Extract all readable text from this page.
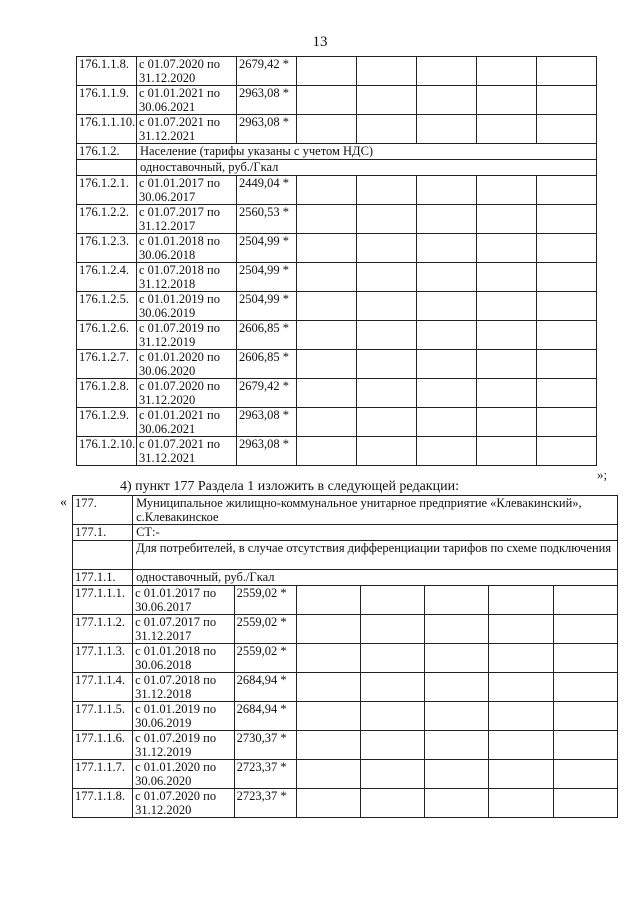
13
176.1.1.8.	с 01.07.2020 по 31.12.2020	2679,42 *					
176.1.1.9.	с 01.01.2021 по 30.06.2021	2963,08 *					
176.1.1.10.	с 01.07.2021 по 31.12.2021	2963,08 *					
176.1.2.	Население (тарифы указаны с учетом НДС)						
	одноставочный, руб./Гкал						
176.1.2.1.	с 01.01.2017 по 30.06.2017	2449,04 *					
176.1.2.2.	с 01.07.2017 по 31.12.2017	2560,53 *					
176.1.2.3.	с 01.01.2018 по 30.06.2018	2504,99 *					
176.1.2.4.	с 01.07.2018 по 31.12.2018	2504,99 *					
176.1.2.5.	с 01.01.2019 по 30.06.2019	2504,99 *					
176.1.2.6.	с 01.07.2019 по 31.12.2019	2606,85 *					
176.1.2.7.	с 01.01.2020 по 30.06.2020	2606,85 *					
176.1.2.8.	с 01.07.2020 по 31.12.2020	2679,42 *					
176.1.2.9.	с 01.01.2021 по 30.06.2021	2963,08 *					
176.1.2.10.	с 01.07.2021 по 31.12.2021	2963,08 *					
»;
4) пункт 177 Раздела 1 изложить в следующей редакции:
« 177.	Муниципальное жилищно-коммунальное унитарное предприятие «Клевакинский», с.Клевакинское						
177.1.	СТ:-						
	Для потребителей, в случае отсутствия дифференциации тарифов по схеме подключения						
177.1.1.	одноставочный, руб./Гкал						
177.1.1.1.	с 01.01.2017 по 30.06.2017	2559,02 *					
177.1.1.2.	с 01.07.2017 по 31.12.2017	2559,02 *					
177.1.1.3.	с 01.01.2018 по 30.06.2018	2559,02 *					
177.1.1.4.	с 01.07.2018 по 31.12.2018	2684,94 *					
177.1.1.5.	с 01.01.2019 по 30.06.2019	2684,94 *					
177.1.1.6.	с 01.07.2019 по 31.12.2019	2730,37 *					
177.1.1.7.	с 01.01.2020 по 30.06.2020	2723,37 *					
177.1.1.8.	с 01.07.2020 по 31.12.2020	2723,37 *					
